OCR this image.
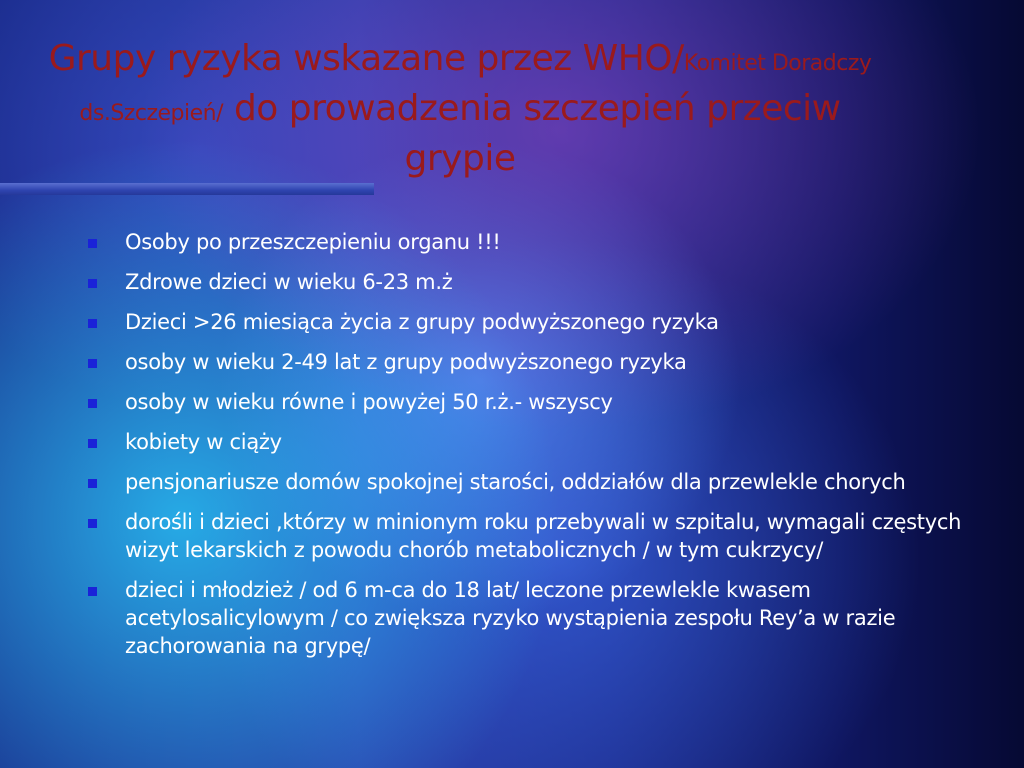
Grupy ryzyka wskazane przez WHO/Komitet Doradczy ds.Szczepień/ do prowadzenia szczepień przeciw grypie
Osoby po przeszczepieniu organu !!!
Zdrowe dzieci w wieku 6-23 m.ż
Dzieci >26 miesiąca życia z grupy podwyższonego ryzyka
osoby w wieku 2-49 lat z grupy podwyższonego ryzyka
osoby w wieku równe i powyżej 50 r.ż.- wszyscy
kobiety w ciąży
pensjonariusze domów spokojnej starości, oddziałów dla przewlekle chorych
dorośli i dzieci ,którzy w minionym roku przebywali w szpitalu, wymagali częstych wizyt lekarskich z powodu chorób metabolicznych / w tym cukrzycy/
dzieci i młodzież / od 6 m-ca do 18 lat/ leczone przewlekle kwasem acetylosalicylowym / co zwiększa ryzyko wystąpienia zespołu Rey’a w razie zachorowania na grypę/
